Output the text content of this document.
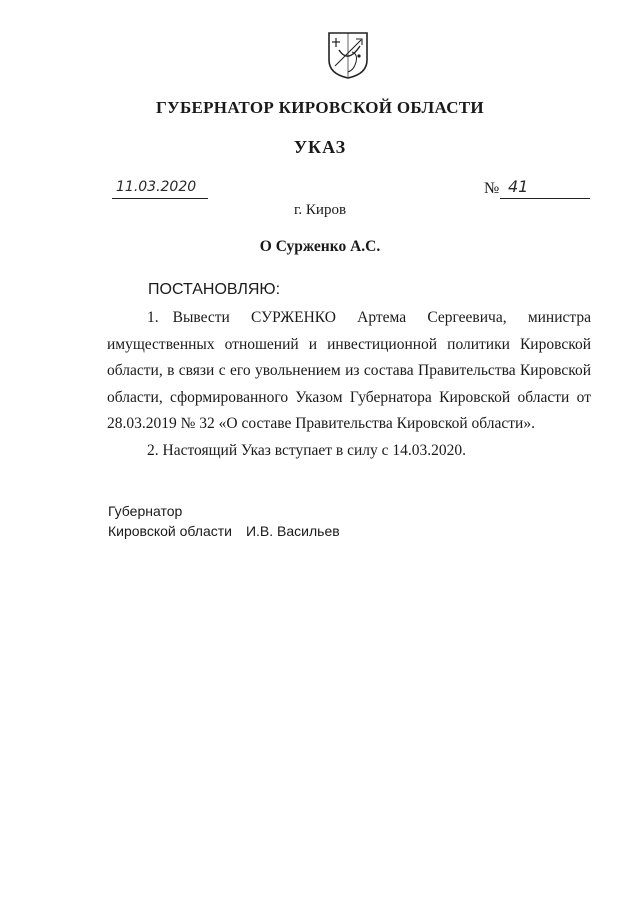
ГУБЕРНАТОР КИРОВСКОЙ ОБЛАСТИ
УКАЗ
11.03.2020	№ 41
г. Киров
О Сурженко А.С.
ПОСТАНОВЛЯЮ:

1. Вывести СУРЖЕНКО Артема Сергеевича, министра имущественных отношений и инвестиционной политики Кировской области, в связи с его увольнением из состава Правительства Кировской области, сформированного Указом Губернатора Кировской области от 28.03.2019 № 32 «О составе Правительства Кировской области».

2. Настоящий Указ вступает в силу с 14.03.2020.

Губернатор
Кировской области И.В. Васильев
